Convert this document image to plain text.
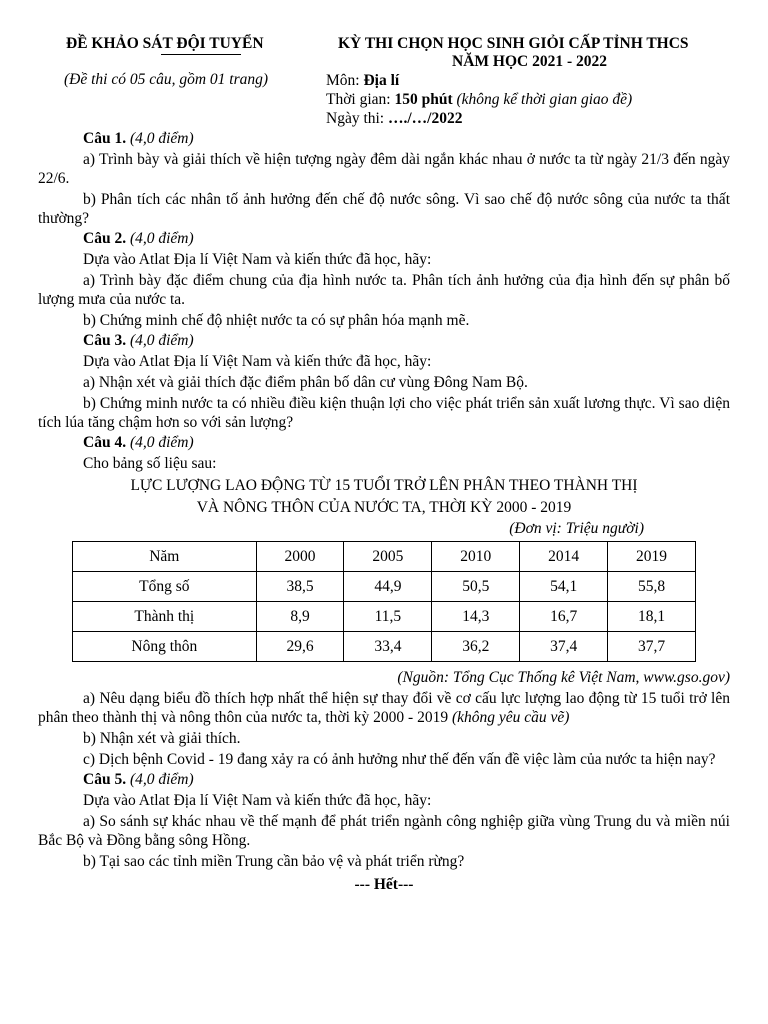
ĐỀ KHẢO SÁT ĐỘI TUYỂN
(Đề thi có 05 câu, gồm 01 trang)
KỲ THI CHỌN HỌC SINH GIỎI CẤP TỈNH THCS
NĂM HỌC 2021 - 2022
Môn: Địa lí
Thời gian: 150 phút (không kể thời gian giao đề)
Ngày thi: …./…/2022
Câu 1. (4,0 điểm)
a) Trình bày và giải thích về hiện tượng ngày đêm dài ngắn khác nhau ở nước ta từ ngày 21/3 đến ngày 22/6.
b) Phân tích các nhân tố ảnh hưởng đến chế độ nước sông. Vì sao chế độ nước sông của nước ta thất thường?
Câu 2. (4,0 điểm)
Dựa vào Atlat Địa lí Việt Nam và kiến thức đã học, hãy:
a) Trình bày đặc điểm chung của địa hình nước ta. Phân tích ảnh hưởng của địa hình đến sự phân bố lượng mưa của nước ta.
b) Chứng minh chế độ nhiệt nước ta có sự phân hóa mạnh mẽ.
Câu 3. (4,0 điểm)
Dựa vào Atlat Địa lí Việt Nam và kiến thức đã học, hãy:
a) Nhận xét và giải thích đặc điểm phân bố dân cư vùng Đông Nam Bộ.
b) Chứng minh nước ta có nhiều điều kiện thuận lợi cho việc phát triển sản xuất lương thực. Vì sao diện tích lúa tăng chậm hơn so với sản lượng?
Câu 4. (4,0 điểm)
Cho bảng số liệu sau:
LỰC LƯỢNG LAO ĐỘNG TỪ 15 TUỔI TRỞ LÊN PHÂN THEO THÀNH THỊ
VÀ NÔNG THÔN CỦA NƯỚC TA, THỜI KỲ 2000 - 2019
(Đơn vị: Triệu người)
Năm	2000	2005	2010	2014	2019
Tổng số	38,5	44,9	50,5	54,1	55,8
Thành thị	8,9	11,5	14,3	16,7	18,1
Nông thôn	29,6	33,4	36,2	37,4	37,7
(Nguồn: Tổng Cục Thống kê Việt Nam, www.gso.gov)
a) Nêu dạng biểu đồ thích hợp nhất thể hiện sự thay đổi về cơ cấu lực lượng lao động từ 15 tuổi trở lên phân theo thành thị và nông thôn của nước ta, thời kỳ 2000 - 2019 (không yêu cầu vẽ)
b) Nhận xét và giải thích.
c) Dịch bệnh Covid - 19 đang xảy ra có ảnh hưởng như thế đến vấn đề việc làm của nước ta hiện nay?
Câu 5. (4,0 điểm)
Dựa vào Atlat Địa lí Việt Nam và kiến thức đã học, hãy:
a) So sánh sự khác nhau về thế mạnh để phát triển ngành công nghiệp giữa vùng Trung du và miền núi Bắc Bộ và Đồng bằng sông Hồng.
b) Tại sao các tỉnh miền Trung cần bảo vệ và phát triển rừng?
--- Hết---
